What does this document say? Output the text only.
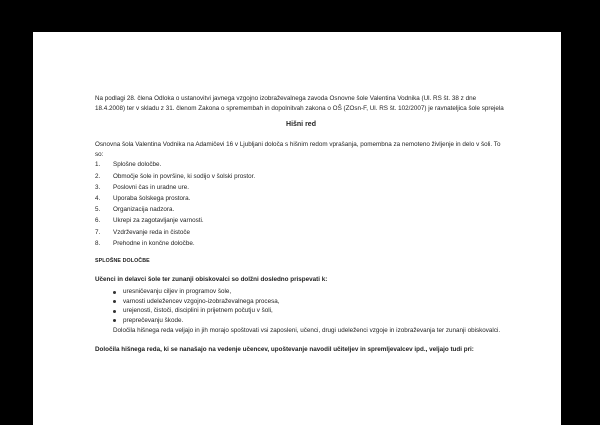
Na podlagi 28. člena Odloka o ustanovitvi javnega vzgojno izobraževalnega zavoda Osnovne šole Valentina Vodnika (Ul. RS št. 38 z dne 18.4.2008) ter v skladu z 31. členom Zakona o spremembah in dopolnitvah zakona o OŠ (ZOsn-F, Ul. RS št. 102/2007) je ravnateljica šole sprejela

Hišni red

Osnovna šola Valentina Vodnika na Adamičevi 16 v Ljubljani določa s hišnim redom vprašanja, pomembna za nemoteno življenje in delo v šoli. To so:

1. Splošne določbe.
2. Območje šole in površine, ki sodijo v šolski prostor.
3. Poslovni čas in uradne ure.
4. Uporaba šolskega prostora.
5. Organizacija nadzora.
6. Ukrepi za zagotavljanje varnosti.
7. Vzdrževanje reda in čistoče
8. Prehodne in končne določbe.
SPLOŠNE DOLOČBE

Učenci in delavci šole ter zunanji obiskovalci so dolžni dosledno prispevati k:

uresničevanju ciljev in programov šole,
varnosti udeležencev vzgojno-izobraževalnega procesa,
urejenosti, čistoči, disciplini in prijetnem počutju v šoli,
preprečevanju škode.

Določila hišnega reda veljajo in jih morajo spoštovati vsi zaposleni, učenci, drugi udeleženci vzgoje in izobraževanja ter zunanji obiskovalci.

Določila hišnega reda, ki se nanašajo na vedenje učencev, upoštevanje navodil učiteljev in spremljevalcev ipd., veljajo tudi pri:
